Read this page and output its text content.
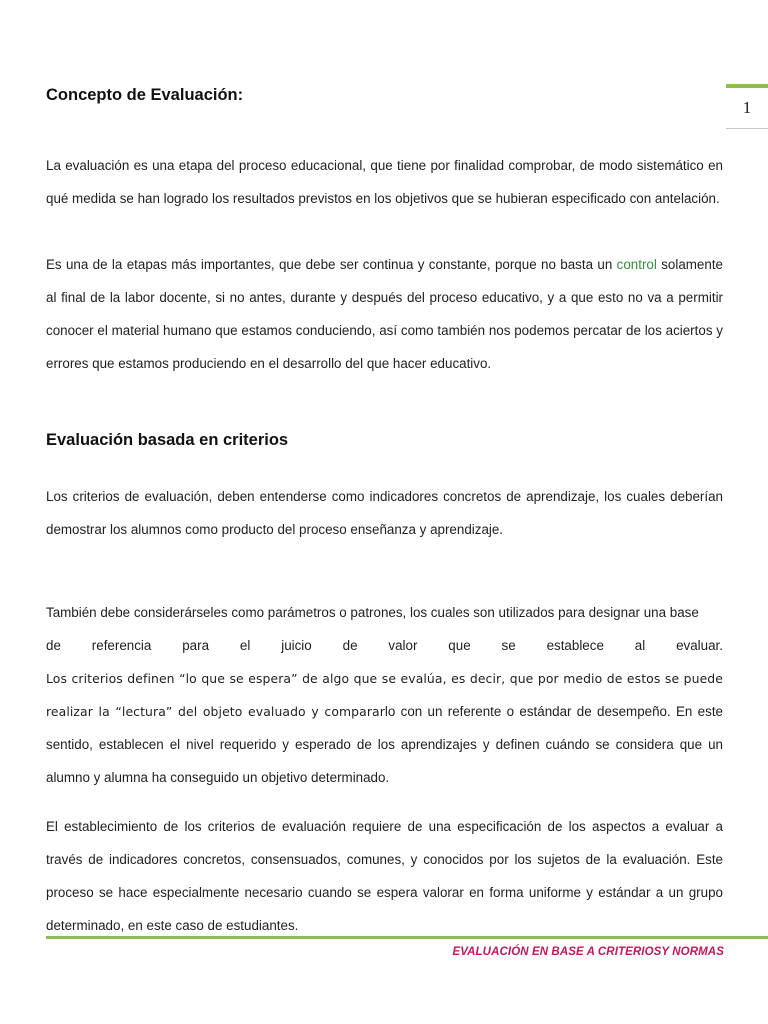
1
Concepto de Evaluación:

La evaluación es una etapa del proceso educacional, que tiene por finalidad comprobar, de modo sistemático en qué medida se han logrado los resultados previstos en los objetivos que se hubieran especificado con antelación.

Es una de la etapas más importantes, que debe ser continua y constante, porque no basta un control solamente al final de la labor docente, si no antes, durante y después del proceso educativo, y a que esto no va a permitir conocer el material humano que estamos conduciendo, así como también nos podemos percatar de los aciertos y errores que estamos produciendo en el desarrollo del que hacer educativo.

Evaluación basada en criterios

Los criterios de evaluación, deben entenderse como indicadores concretos de aprendizaje, los cuales deberían demostrar los alumnos como producto del proceso enseñanza y aprendizaje.

También debe considerárseles como parámetros o patrones, los cuales son utilizados para designar una base
de referencia para el juicio de valor que se establece al evaluar.
Los criterios definen “lo que se espera” de algo que se evalúa, es decir, que por medio de estos se puede realizar la “lectura” del objeto evaluado y compararlo con un referente o estándar de desempeño. En este sentido, establecen el nivel requerido y esperado de los aprendizajes y definen cuándo se considera que un alumno y alumna ha conseguido un objetivo determinado.

El establecimiento de los criterios de evaluación requiere de una especificación de los aspectos a evaluar a través de indicadores concretos, consensuados, comunes, y conocidos por los sujetos de la evaluación. Este proceso se hace especialmente necesario cuando se espera valorar en forma uniforme y estándar a un grupo determinado, en este caso de estudiantes.

EVALUACIÓN EN BASE A CRITERIOSY NORMAS
